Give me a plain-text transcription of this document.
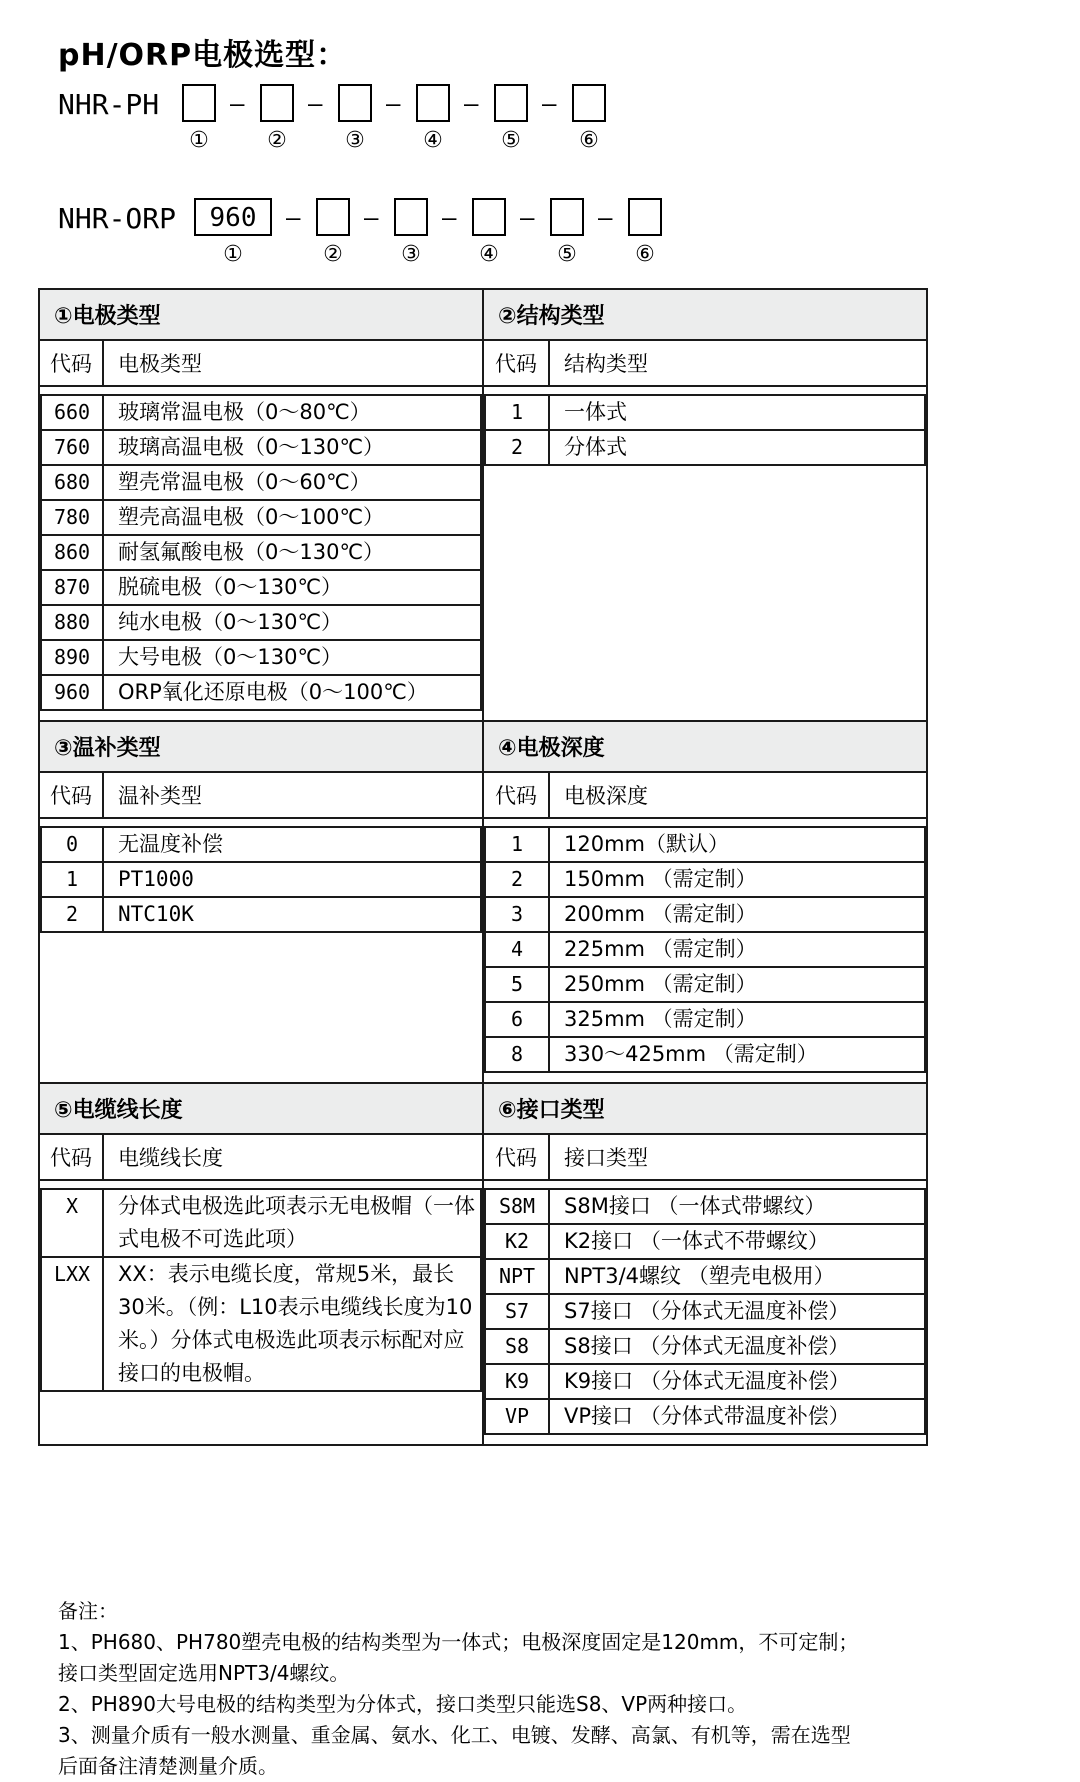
pH/ORP电极选型：
NHR-PH	–	–	–	–	–
①	②	③	④	⑤	⑥
NHR-ORP	960	–	–	–	–	–
①	②	③	④	⑤	⑥
①电极类型	②结构类型
代码	电极类型	代码	结构类型

660	玻璃常温电极（0～80℃）
760	玻璃高温电极（0～130℃）
680	塑壳常温电极（0～60℃）
780	塑壳高温电极（0～100℃）
860	耐氢氟酸电极（0～130℃）
870	脱硫电极（0～130℃）
880	纯水电极（0～130℃）
890	大号电极（0～130℃）
960	ORP氧化还原电极（0～100℃）

1	一体式
2	分体式

③温补类型	④电极深度
代码	温补类型	代码	电极深度

0	无温度补偿
1	PT1000
2	NTC10K

1	120mm（默认）
2	150mm （需定制）
3	200mm （需定制）
4	225mm （需定制）
5	250mm （需定制）
6	325mm （需定制）
8	330～425mm （需定制）

⑤电缆线长度	⑥接口类型
代码	电缆线长度	代码	接口类型

X	分体式电极选此项表示无电极帽（一体式电极不可选此项）
LXX	XX：表示电缆长度，常规5米，最长30米。（例：L10表示电缆线长度为10米。）分体式电极选此项表示标配对应接口的电极帽。

S8M	S8M接口 （一体式带螺纹）
K2	K2接口 （一体式不带螺纹）
NPT	NPT3/4螺纹 （塑壳电极用）
S7	S7接口 （分体式无温度补偿）
S8	S8接口 （分体式无温度补偿）
K9	K9接口 （分体式无温度补偿）
VP	VP接口 （分体式带温度补偿）
备注：
1、PH680、PH780塑壳电极的结构类型为一体式；电极深度固定是120mm，不可定制；
接口类型固定选用NPT3/4螺纹。
2、PH890大号电极的结构类型为分体式，接口类型只能选S8、VP两种接口。
3、测量介质有一般水测量、重金属、氨水、化工、电镀、发酵、高氯、有机等，需在选型
后面备注清楚测量介质。
